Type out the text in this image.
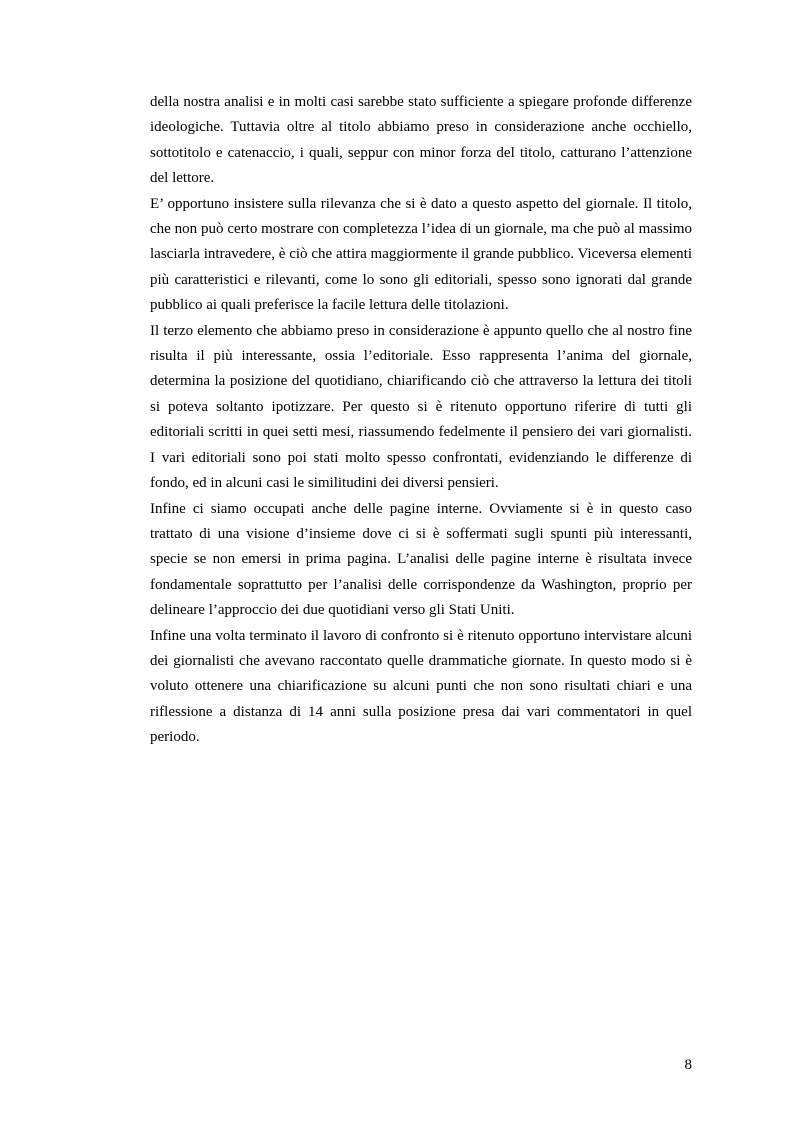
della nostra analisi e in molti casi sarebbe stato sufficiente a spiegare profonde differenze ideologiche. Tuttavia oltre al titolo abbiamo preso in considerazione anche occhiello, sottotitolo e catenaccio, i quali, seppur con minor forza del titolo, catturano l’attenzione del lettore.

E’ opportuno insistere sulla rilevanza che si è dato a questo aspetto del giornale. Il titolo, che non può certo mostrare con completezza l’idea di un giornale, ma che può al massimo lasciarla intravedere, è ciò che attira maggiormente il grande pubblico. Viceversa elementi più caratteristici e rilevanti, come lo sono gli editoriali, spesso sono ignorati dal grande pubblico ai quali preferisce la facile lettura delle titolazioni.

Il terzo elemento che abbiamo preso in considerazione è appunto quello che al nostro fine risulta il più interessante, ossia l’editoriale. Esso rappresenta l’anima del giornale, determina la posizione del quotidiano, chiarificando ciò che attraverso la lettura dei titoli si poteva soltanto ipotizzare. Per questo si è ritenuto opportuno riferire di tutti gli editoriali scritti in quei setti mesi, riassumendo fedelmente il pensiero dei vari giornalisti. I vari editoriali sono poi stati molto spesso confrontati, evidenziando le differenze di fondo, ed in alcuni casi le similitudini dei diversi pensieri.

Infine ci siamo occupati anche delle pagine interne. Ovviamente si è in questo caso trattato di una visione d’insieme dove ci si è soffermati sugli spunti più interessanti, specie se non emersi in prima pagina. L’analisi delle pagine interne è risultata invece fondamentale soprattutto per l’analisi delle corrispondenze da Washington, proprio per delineare l’approccio dei due quotidiani verso gli Stati Uniti.

Infine una volta terminato il lavoro di confronto si è ritenuto opportuno intervistare alcuni dei giornalisti che avevano raccontato quelle drammatiche giornate. In questo modo si è voluto ottenere una chiarificazione su alcuni punti che non sono risultati chiari e una riflessione a distanza di 14 anni sulla posizione presa dai vari commentatori in quel periodo.

8
